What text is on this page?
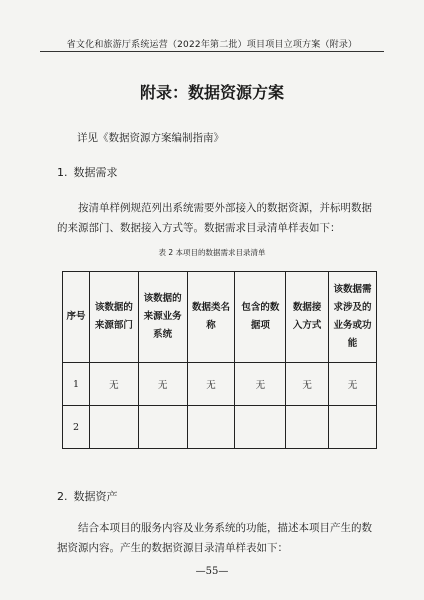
省文化和旅游厅系统运营（2022年第二批）项目项目立项方案（附录）
附录：数据资源方案
详见《数据资源方案编制指南》
1. 数据需求
按清单样例规范列出系统需要外部接入的数据资源，并标明数据的来源部门、数据接入方式等。数据需求目录清单样表如下：
表 2 本项目的数据需求目录清单
序号	该数据的来源部门	该数据的来源业务系统	数据类名称	包含的数据项	数据接入方式	该数据需求涉及的业务或功能
1	无	无	无	无	无	无
2						
2. 数据资产
结合本项目的服务内容及业务系统的功能，描述本项目产生的数据资源内容。产生的数据资源目录清单样表如下：
—55—
